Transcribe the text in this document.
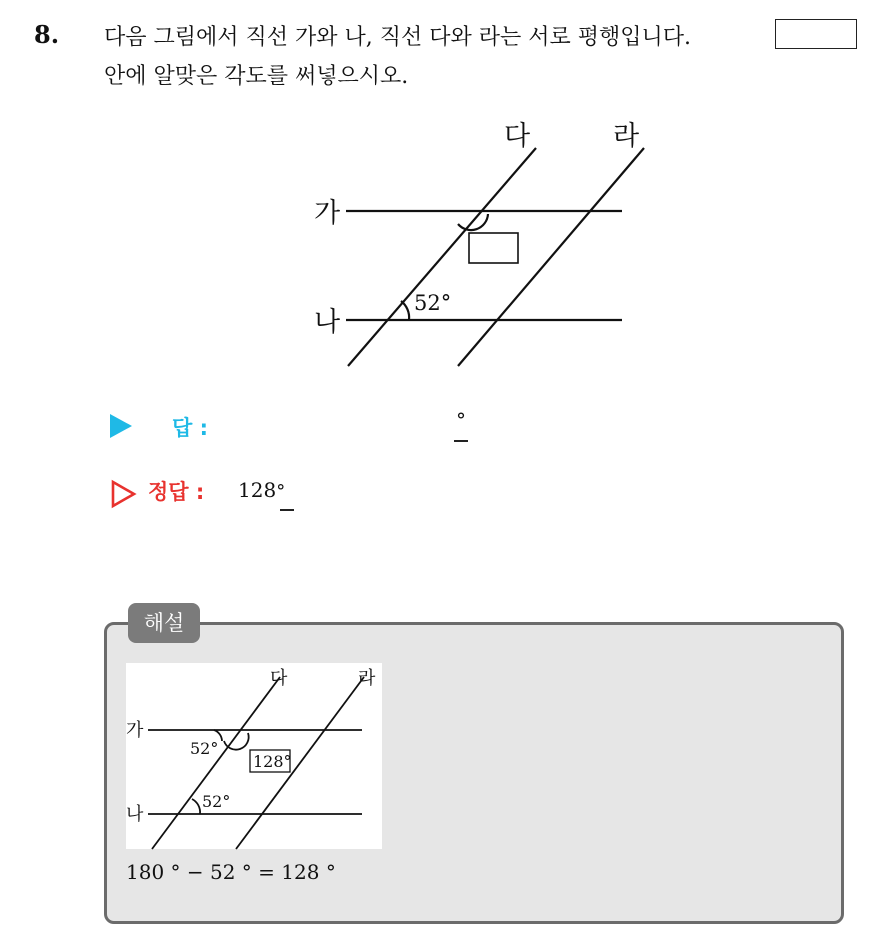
8. 다음 그림에서 직선 가와 나, 직선 다와 라는 서로 평행입니다.
안에 알맞은 각도를 써넣으시오.
다	라
가
나
52°
답 :	°
정답 : 128°
해설
다	라
가
나
52°
128°
52°
180 ° − 52 ° = 128 °
